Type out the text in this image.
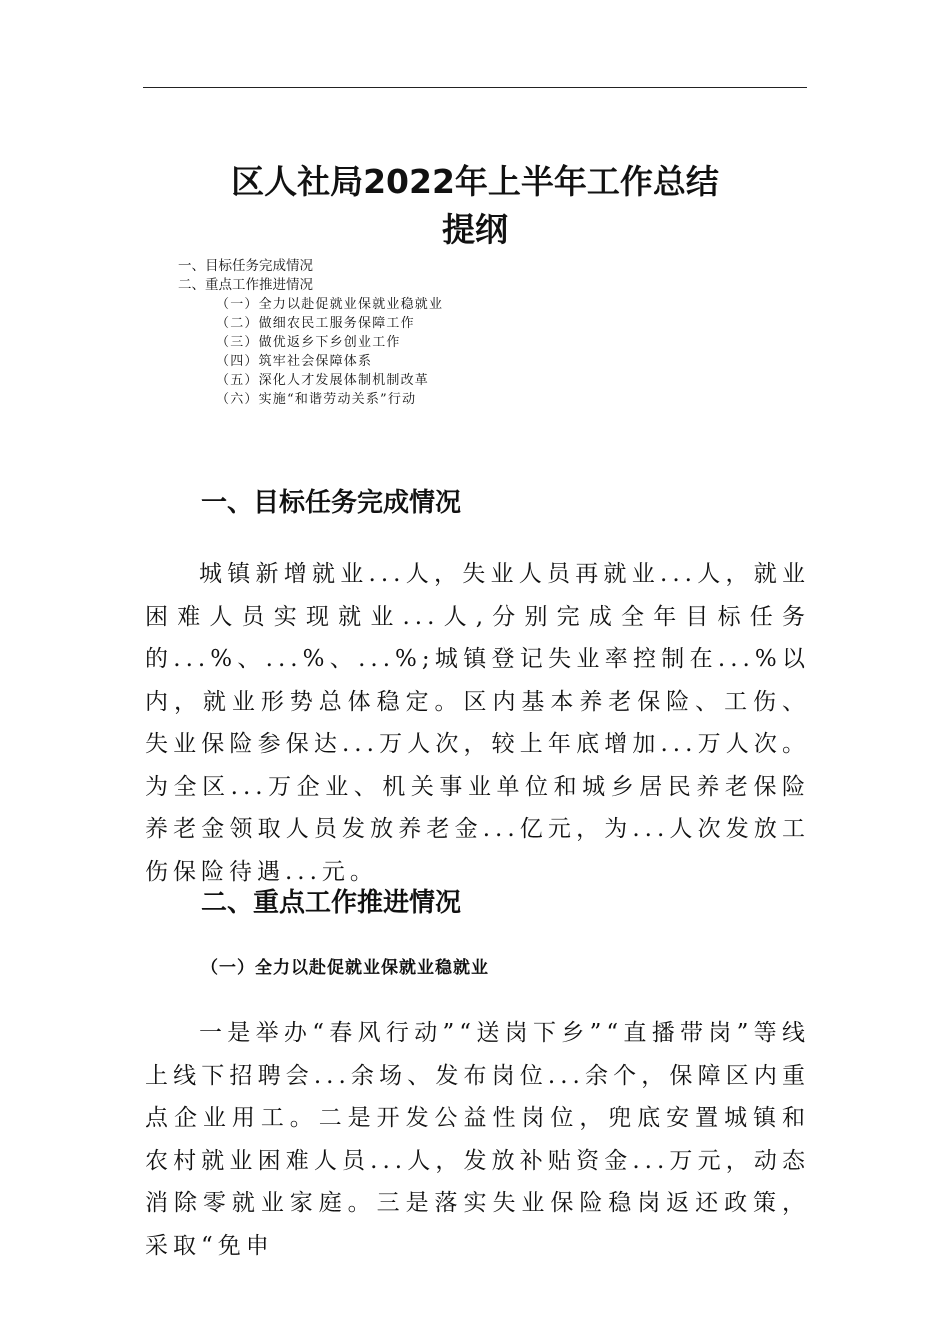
区人社局2022年上半年工作总结
提纲
一、目标任务完成情况
二、重点工作推进情况
（一）全力以赴促就业保就业稳就业
（二）做细农民工服务保障工作
（三）做优返乡下乡创业工作
（四）筑牢社会保障体系
（五）深化人才发展体制机制改革
（六）实施“和谐劳动关系”行动
一、目标任务完成情况

城镇新增就业...人，失业人员再就业...人，就业困难人员实现就业...人,分别完成全年目标任务的...%、...%、...%;城镇登记失业率控制在...%以内，就业形势总体稳定。区内基本养老保险、工伤、失业保险参保达...万人次，较上年底增加...万人次。为全区...万企业、机关事业单位和城乡居民养老保险养老金领取人员发放养老金...亿元，为...人次发放工伤保险待遇...元。

二、重点工作推进情况
（一）全力以赴促就业保就业稳就业

一是举办“春风行动”“送岗下乡”“直播带岗”等线上线下招聘会...余场、发布岗位...余个，保障区内重点企业用工。二是开发公益性岗位，兜底安置城镇和农村就业困难人员...人，发放补贴资金...万元，动态消除零就业家庭。三是落实失业保险稳岗返还政策，采取“免申
